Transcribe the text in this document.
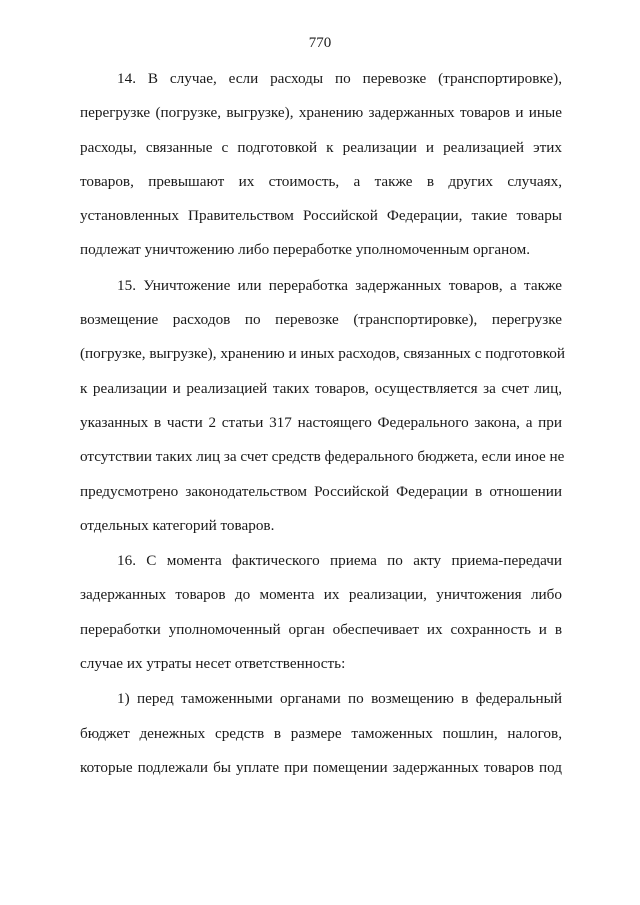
770

14. В случае, если расходы по перевозке (транспортировке),
перегрузке (погрузке, выгрузке), хранению задержанных товаров и иные
расходы, связанные с подготовкой к реализации и реализацией этих
товаров, превышают их стоимость, а также в других случаях,
установленных Правительством Российской Федерации, такие товары
подлежат уничтожению либо переработке уполномоченным органом.

15. Уничтожение или переработка задержанных товаров, а также
возмещение расходов по перевозке (транспортировке), перегрузке
(погрузке, выгрузке), хранению и иных расходов, связанных с подготовкой
к реализации и реализацией таких товаров, осуществляется за счет лиц,
указанных в части 2 статьи 317 настоящего Федерального закона, а при
отсутствии таких лиц за счет средств федерального бюджета, если иное не
предусмотрено законодательством Российской Федерации в отношении
отдельных категорий товаров.

16. С момента фактического приема по акту приема-передачи
задержанных товаров до момента их реализации, уничтожения либо
переработки уполномоченный орган обеспечивает их сохранность и в
случае их утраты несет ответственность:

1) перед таможенными органами по возмещению в федеральный
бюджет денежных средств в размере таможенных пошлин, налогов,
которые подлежали бы уплате при помещении задержанных товаров под
